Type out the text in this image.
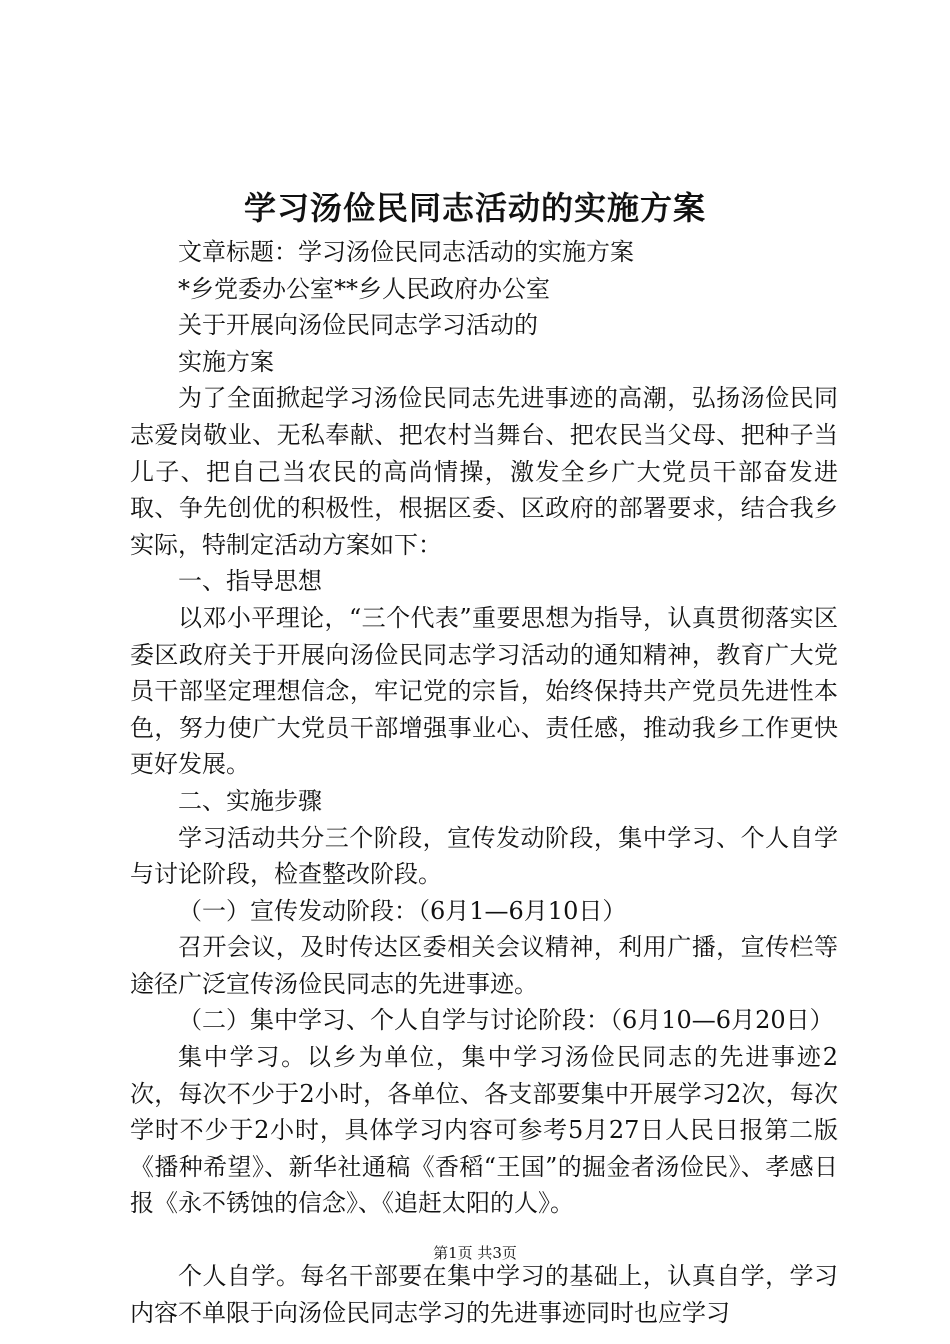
学习汤俭民同志活动的实施方案

文章标题：学习汤俭民同志活动的实施方案

*乡党委办公室**乡人民政府办公室

关于开展向汤俭民同志学习活动的

实施方案

为了全面掀起学习汤俭民同志先进事迹的高潮，弘扬汤俭民同志爱岗敬业、无私奉献、把农村当舞台、把农民当父母、把种子当儿子、把自己当农民的高尚情操，激发全乡广大党员干部奋发进取、争先创优的积极性，根据区委、区政府的部署要求，结合我乡实际，特制定活动方案如下：

一、指导思想

以邓小平理论，“三个代表”重要思想为指导，认真贯彻落实区委区政府关于开展向汤俭民同志学习活动的通知精神，教育广大党员干部坚定理想信念，牢记党的宗旨，始终保持共产党员先进性本色，努力使广大党员干部增强事业心、责任感，推动我乡工作更快更好发展。

二、实施步骤

学习活动共分三个阶段，宣传发动阶段，集中学习、个人自学与讨论阶段，检查整改阶段。

（一）宣传发动阶段：（6月1—6月10日）

召开会议，及时传达区委相关会议精神，利用广播，宣传栏等途径广泛宣传汤俭民同志的先进事迹。

（二）集中学习、个人自学与讨论阶段：（6月10—6月20日）

集中学习。以乡为单位，集中学习汤俭民同志的先进事迹2次，每次不少于2小时，各单位、各支部要集中开展学习2次，每次学时不少于2小时，具体学习内容可参考5月27日人民日报第二版《播种希望》、新华社通稿《香稻“王国”的掘金者汤俭民》、孝感日报《永不锈蚀的信念》、《追赶太阳的人》。

个人自学。每名干部要在集中学习的基础上，认真自学，学习内容不单限于向汤俭民同志学习的先进事迹同时也应学习

第1页 共3页
